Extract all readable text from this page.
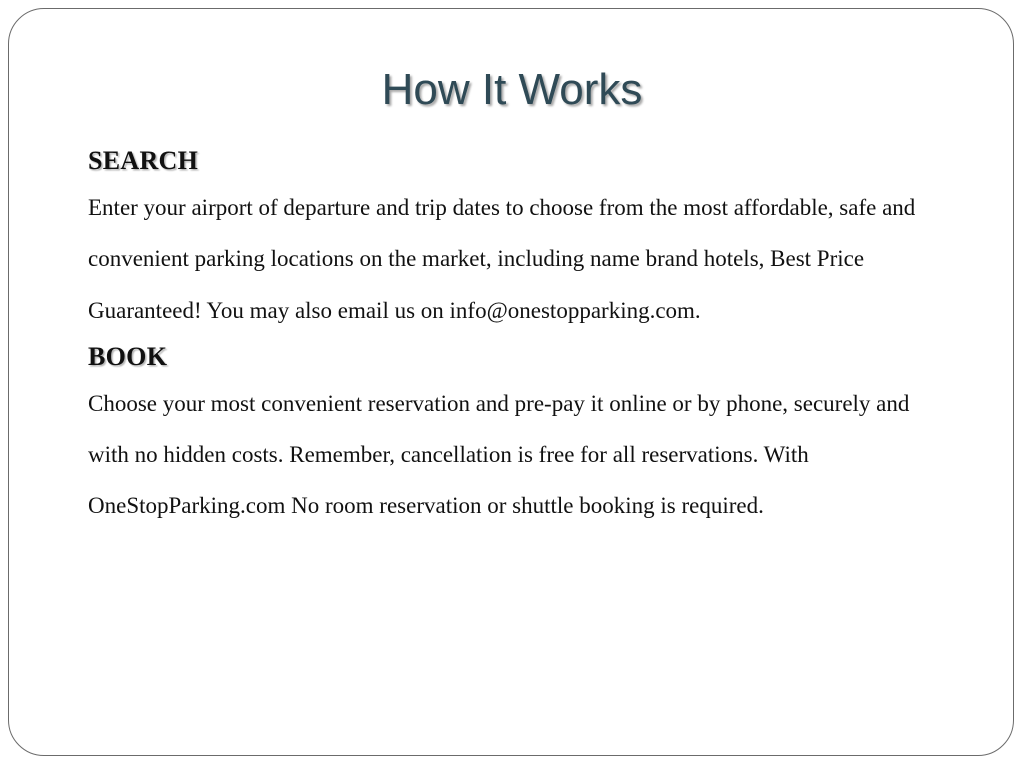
How It Works
SEARCH

Enter your airport of departure and trip dates to choose from the most affordable, safe and convenient parking locations on the market, including name brand hotels, Best Price Guaranteed! You may also email us on info@onestopparking.com.

BOOK

Choose your most convenient reservation and pre-pay it online or by phone, securely and with no hidden costs. Remember, cancellation is free for all reservations. With OneStopParking.com No room reservation or shuttle booking is required.
